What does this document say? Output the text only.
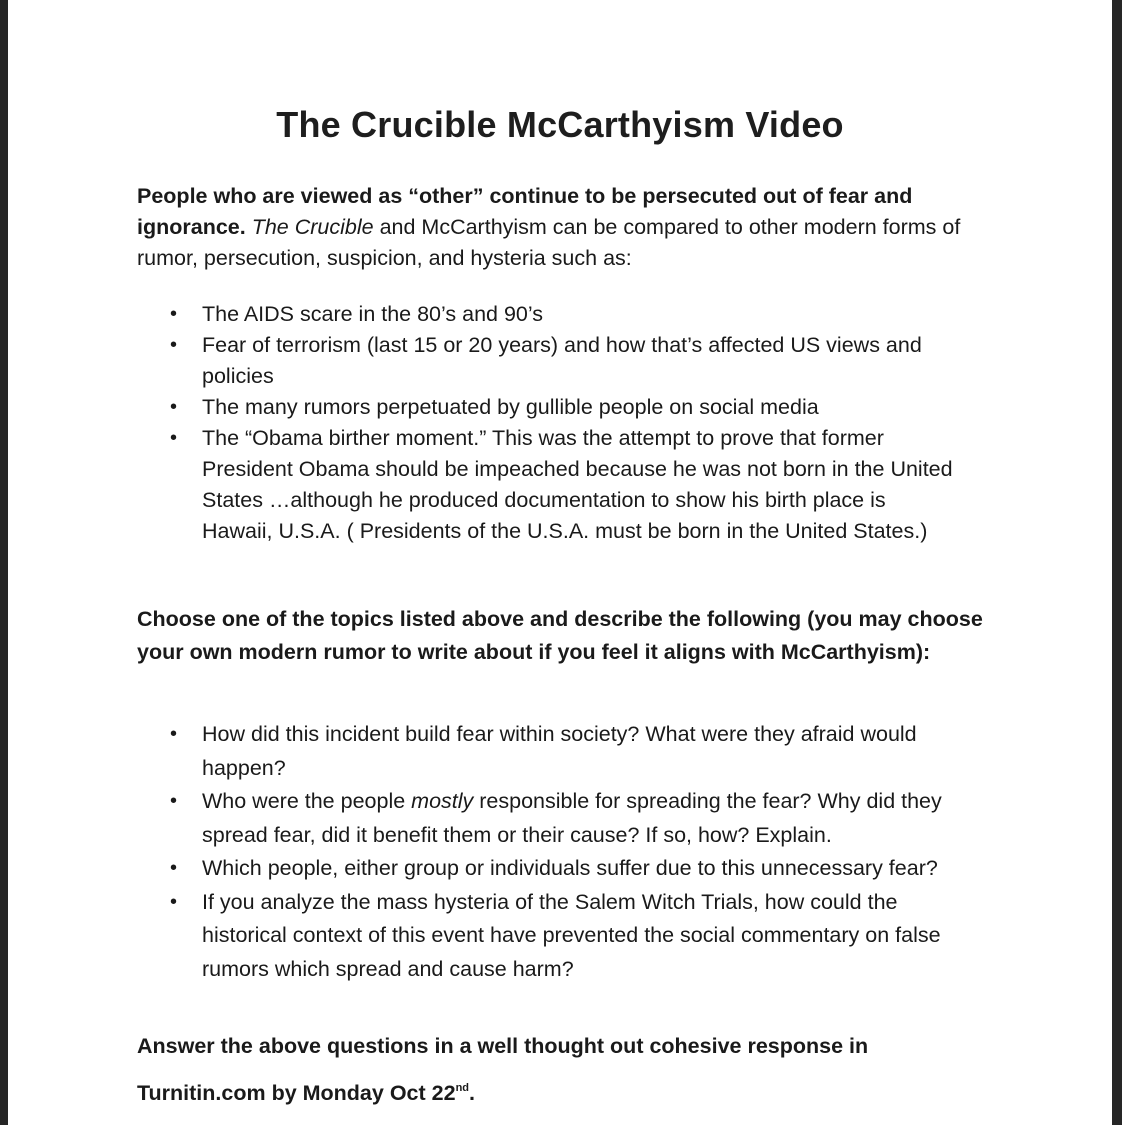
The Crucible McCarthyism Video

People who are viewed as “other” continue to be persecuted out of fear and ignorance. The Crucible and McCarthyism can be compared to other modern forms of rumor, persecution, suspicion, and hysteria such as:

• The AIDS scare in the 80’s and 90’s
• Fear of terrorism (last 15 or 20 years) and how that’s affected US views and policies
• The many rumors perpetuated by gullible people on social media
• The “Obama birther moment.” This was the attempt to prove that former President Obama should be impeached because he was not born in the United States …although he produced documentation to show his birth place is Hawaii, U.S.A. ( Presidents of the U.S.A. must be born in the United States.)

Choose one of the topics listed above and describe the following (you may choose your own modern rumor to write about if you feel it aligns with McCarthyism):

• How did this incident build fear within society? What were they afraid would happen?
• Who were the people mostly responsible for spreading the fear? Why did they spread fear, did it benefit them or their cause? If so, how? Explain.
• Which people, either group or individuals suffer due to this unnecessary fear?
• If you analyze the mass hysteria of the Salem Witch Trials, how could the historical context of this event have prevented the social commentary on false rumors which spread and cause harm?

Answer the above questions in a well thought out cohesive response in

Turnitin.com by Monday Oct 22nd.
